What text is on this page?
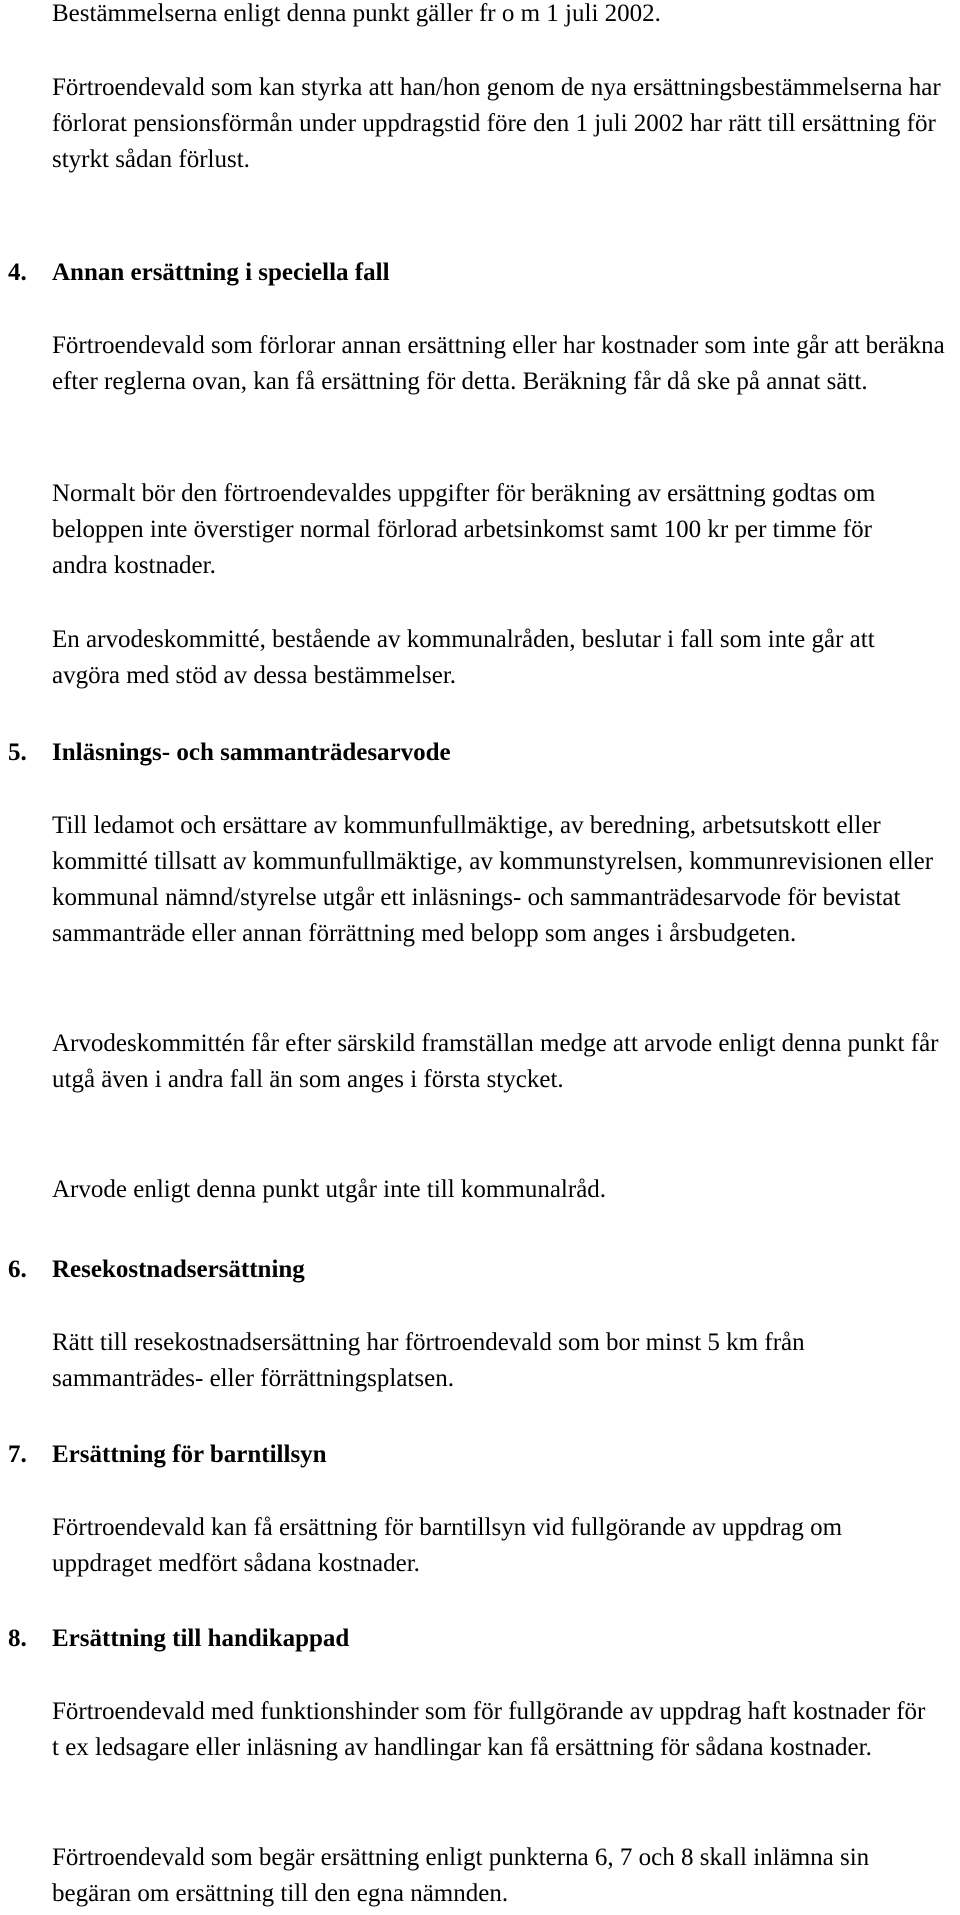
Bestämmelserna enligt denna punkt gäller fr o m 1 juli 2002.

Förtroendevald som kan styrka att han/hon genom de nya ersättningsbestämmelserna har förlorat pensionsförmån under uppdragstid före den 1 juli 2002 har rätt till ersättning för styrkt sådan förlust.

4. Annan ersättning i speciella fall

Förtroendevald som förlorar annan ersättning eller har kostnader som inte går att beräkna efter reglerna ovan, kan få ersättning för detta. Beräkning får då ske på annat sätt.

Normalt bör den förtroendevaldes uppgifter för beräkning av ersättning godtas om beloppen inte överstiger normal förlorad arbetsinkomst samt 100 kr per timme för andra kostnader.

En arvodeskommitté, bestående av kommunalråden, beslutar i fall som inte går att avgöra med stöd av dessa bestämmelser.

5. Inläsnings- och sammanträdesarvode

Till ledamot och ersättare av kommunfullmäktige, av beredning, arbetsutskott eller kommitté tillsatt av kommunfullmäktige, av kommunstyrelsen, kommunrevisionen eller kommunal nämnd/styrelse utgår ett inläsnings- och sammanträdesarvode för bevistat sammanträde eller annan förrättning med belopp som anges i årsbudgeten.

Arvodeskommittén får efter särskild framställan medge att arvode enligt denna punkt får utgå även i andra fall än som anges i första stycket.

Arvode enligt denna punkt utgår inte till kommunalråd.

6. Resekostnadsersättning

Rätt till resekostnadsersättning har förtroendevald som bor minst 5 km från sammanträdes- eller förrättningsplatsen.

7. Ersättning för barntillsyn

Förtroendevald kan få ersättning för barntillsyn vid fullgörande av uppdrag om uppdraget medfört sådana kostnader.

8. Ersättning till handikappad

Förtroendevald med funktionshinder som för fullgörande av uppdrag haft kostnader för t ex ledsagare eller inläsning av handlingar kan få ersättning för sådana kostnader.

Förtroendevald som begär ersättning enligt punkterna 6, 7 och 8 skall inlämna sin begäran om ersättning till den egna nämnden.
